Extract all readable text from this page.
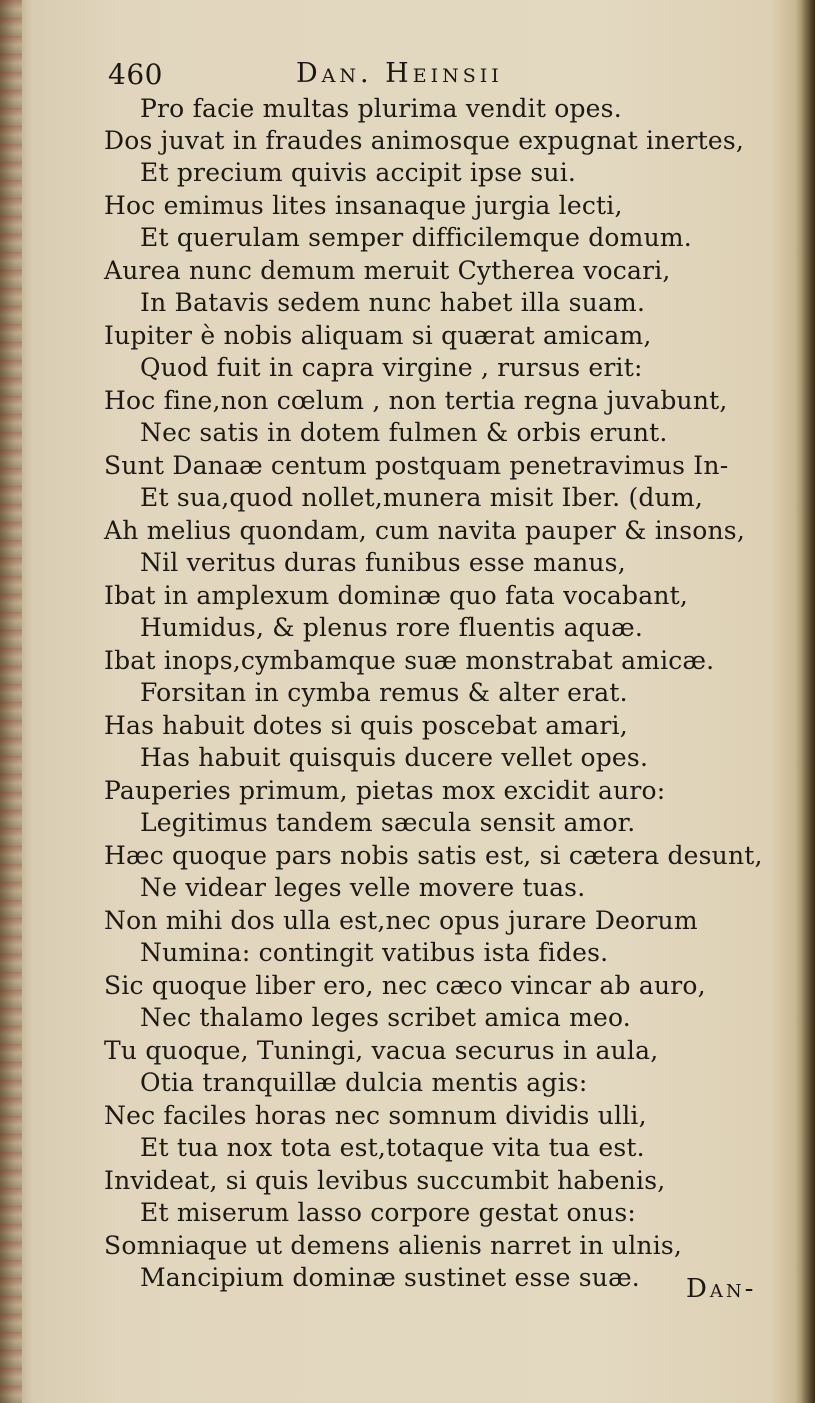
460	Dan. Heinsii
Pro facie multas plurima vendit opes.
Dos juvat in fraudes animosque expugnat inertes,
Et precium quivis accipit ipse sui.
Hoc emimus lites insanaque jurgia lecti,
Et querulam semper difficilemque domum.
Aurea nunc demum meruit Cytherea vocari,
In Batavis sedem nunc habet illa suam.
Iupiter è nobis aliquam si quærat amicam,
Quod fuit in capra virgine , rursus erit:
Hoc fine,non cœlum , non tertia regna juvabunt,
Nec satis in dotem fulmen & orbis erunt.
Sunt Danaæ centum postquam penetravimus In-
Et sua,quod nollet,munera misit Iber. (dum,
Ah melius quondam, cum navita pauper & insons,
Nil veritus duras funibus esse manus,
Ibat in amplexum dominæ quo fata vocabant,
Humidus, & plenus rore fluentis aquæ.
Ibat inops,cymbamque suæ monstrabat amicæ.
Forsitan in cymba remus & alter erat.
Has habuit dotes si quis poscebat amari,
Has habuit quisquis ducere vellet opes.
Pauperies primum, pietas mox excidit auro:
Legitimus tandem sæcula sensit amor.
Hæc quoque pars nobis satis est, si cætera desunt,
Ne videar leges velle movere tuas.
Non mihi dos ulla est,nec opus jurare Deorum
Numina: contingit vatibus ista fides.
Sic quoque liber ero, nec cæco vincar ab auro,
Nec thalamo leges scribet amica meo.
Tu quoque, Tuningi, vacua securus in aula,
Otia tranquillæ dulcia mentis agis:
Nec faciles horas nec somnum dividis ulli,
Et tua nox tota est,totaque vita tua est.
Invideat, si quis levibus succumbit habenis,
Et miserum lasso corpore gestat onus:
Somniaque ut demens alienis narret in ulnis,
Mancipium dominæ sustinet esse suæ. Dan-
